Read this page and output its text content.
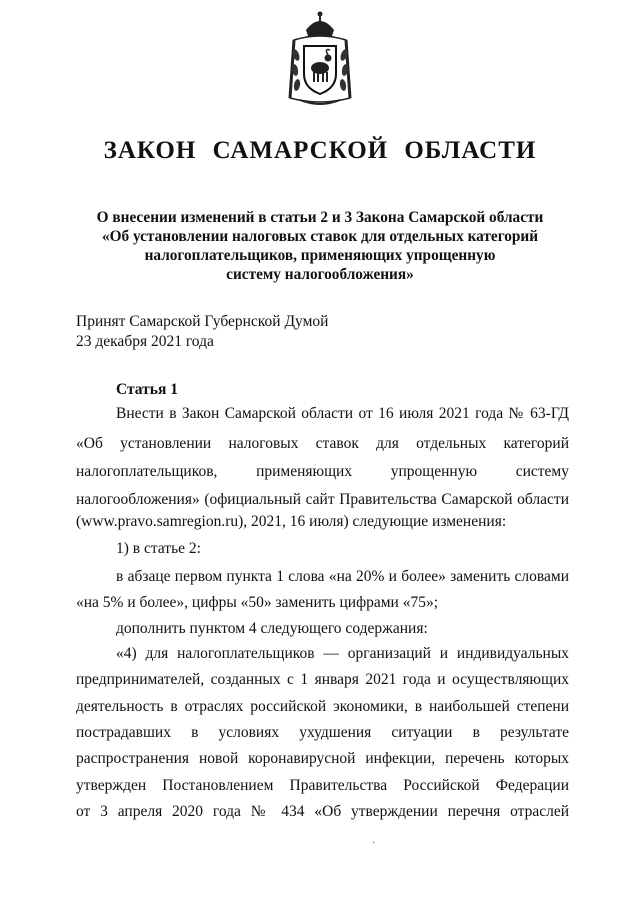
ЗАКОН САМАРСКОЙ ОБЛАСТИ
О внесении изменений в статьи 2 и 3 Закона Самарской области
«Об установлении налоговых ставок для отдельных категорий
налогоплательщиков, применяющих упрощенную
систему налогообложения»
Принят Самарской Губернской Думой
23 декабря 2021 года
Статья 1
Внести в Закон Самарской области от 16 июля 2021 года № 63-ГД
«Об установлении налоговых ставок для отдельных категорий
налогоплательщиков, применяющих упрощенную систему
налогообложения» (официальный сайт Правительства Самарской области
(www.pravo.samregion.ru), 2021, 16 июля) следующие изменения:
1) в статье 2:
в абзаце первом пункта 1 слова «на 20% и более» заменить словами
«на 5% и более», цифры «50» заменить цифрами «75»;
дополнить пунктом 4 следующего содержания:
«4) для налогоплательщиков — организаций и индивидуальных
предпринимателей, созданных с 1 января 2021 года и осуществляющих
деятельность в отраслях российской экономики, в наибольшей степени
пострадавших в условиях ухудшения ситуации в результате
распространения новой коронавирусной инфекции, перечень которых
утвержден Постановлением Правительства Российской Федерации
от 3 апреля 2020 года № 434 «Об утверждении перечня отраслей
·
